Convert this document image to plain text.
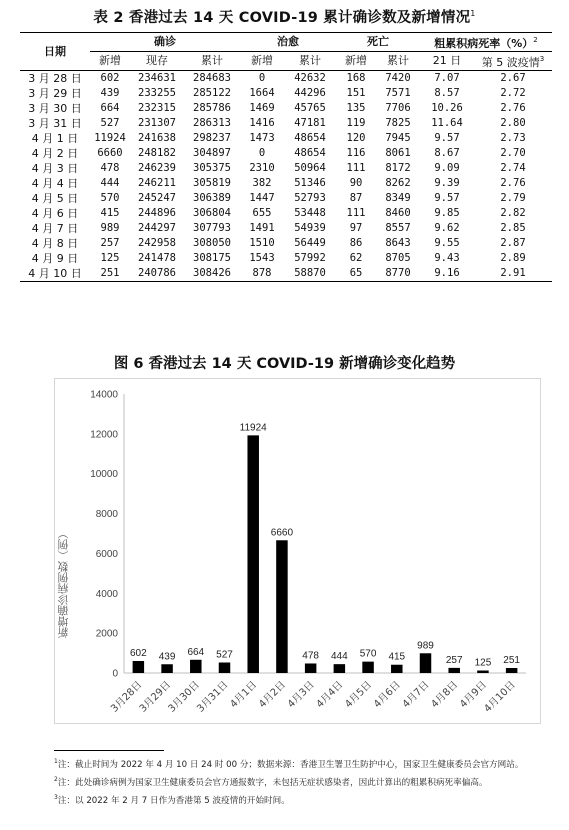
表 2 香港过去 14 天 COVID-19 累计确诊数及新增情况$^1$
日期	确诊			治愈		死亡		粗累积病死率（%）$^2$
	新增	现存	累计	新增	累计	新增	累计	21 日	第 5 波疫情$^3$
3 月 28 日	602	234631	284683	0	42632	168	7420	7.07	2.67
3 月 29 日	439	233255	285122	1664	44296	151	7571	8.57	2.72
3 月 30 日	664	232315	285786	1469	45765	135	7706	10.26	2.76
3 月 31 日	527	231307	286313	1416	47181	119	7825	11.64	2.80
4 月 1 日	11924	241638	298237	1473	48654	120	7945	9.57	2.73
4 月 2 日	6660	248182	304897	0	48654	116	8061	8.67	2.70
4 月 3 日	478	246239	305375	2310	50964	111	8172	9.09	2.74
4 月 4 日	444	246211	305819	382	51346	90	8262	9.39	2.76
4 月 5 日	570	245247	306389	1447	52793	87	8349	9.57	2.79
4 月 6 日	415	244896	306804	655	53448	111	8460	9.85	2.82
4 月 7 日	989	244297	307793	1491	54939	97	8557	9.62	2.85
4 月 8 日	257	242958	308050	1510	56449	86	8643	9.55	2.87
4 月 9 日	125	241478	308175	1543	57992	62	8705	9.43	2.89
4 月 10 日	251	240786	308426	878	58870	65	8770	9.16	2.91
图 6 香港过去 14 天 COVID-19 新增确诊变化趋势
0
2000
4000
6000
8000
10000
12000
14000
602
3月28日
439
3月29日
664
3月30日
527
3月31日
11924
4月1日
6660
4月2日
478
4月3日
444
4月4日
570
4月5日
415
4月6日
989
4月7日
257
4月8日
125
4月9日
251
4月10日
新增确诊病例数（例）

$^1$注：截止时间为 2022 年 4 月 10 日 24 时 00 分；数据来源：香港卫生署卫生防护中心，国家卫生健康委员会官方网站。

$^2$注：此处确诊病例为国家卫生健康委员会官方通报数字，未包括无症状感染者，因此计算出的粗累积病死率偏高。

$^3$注：以 2022 年 2 月 7 日作为香港第 5 波疫情的开始时间。
